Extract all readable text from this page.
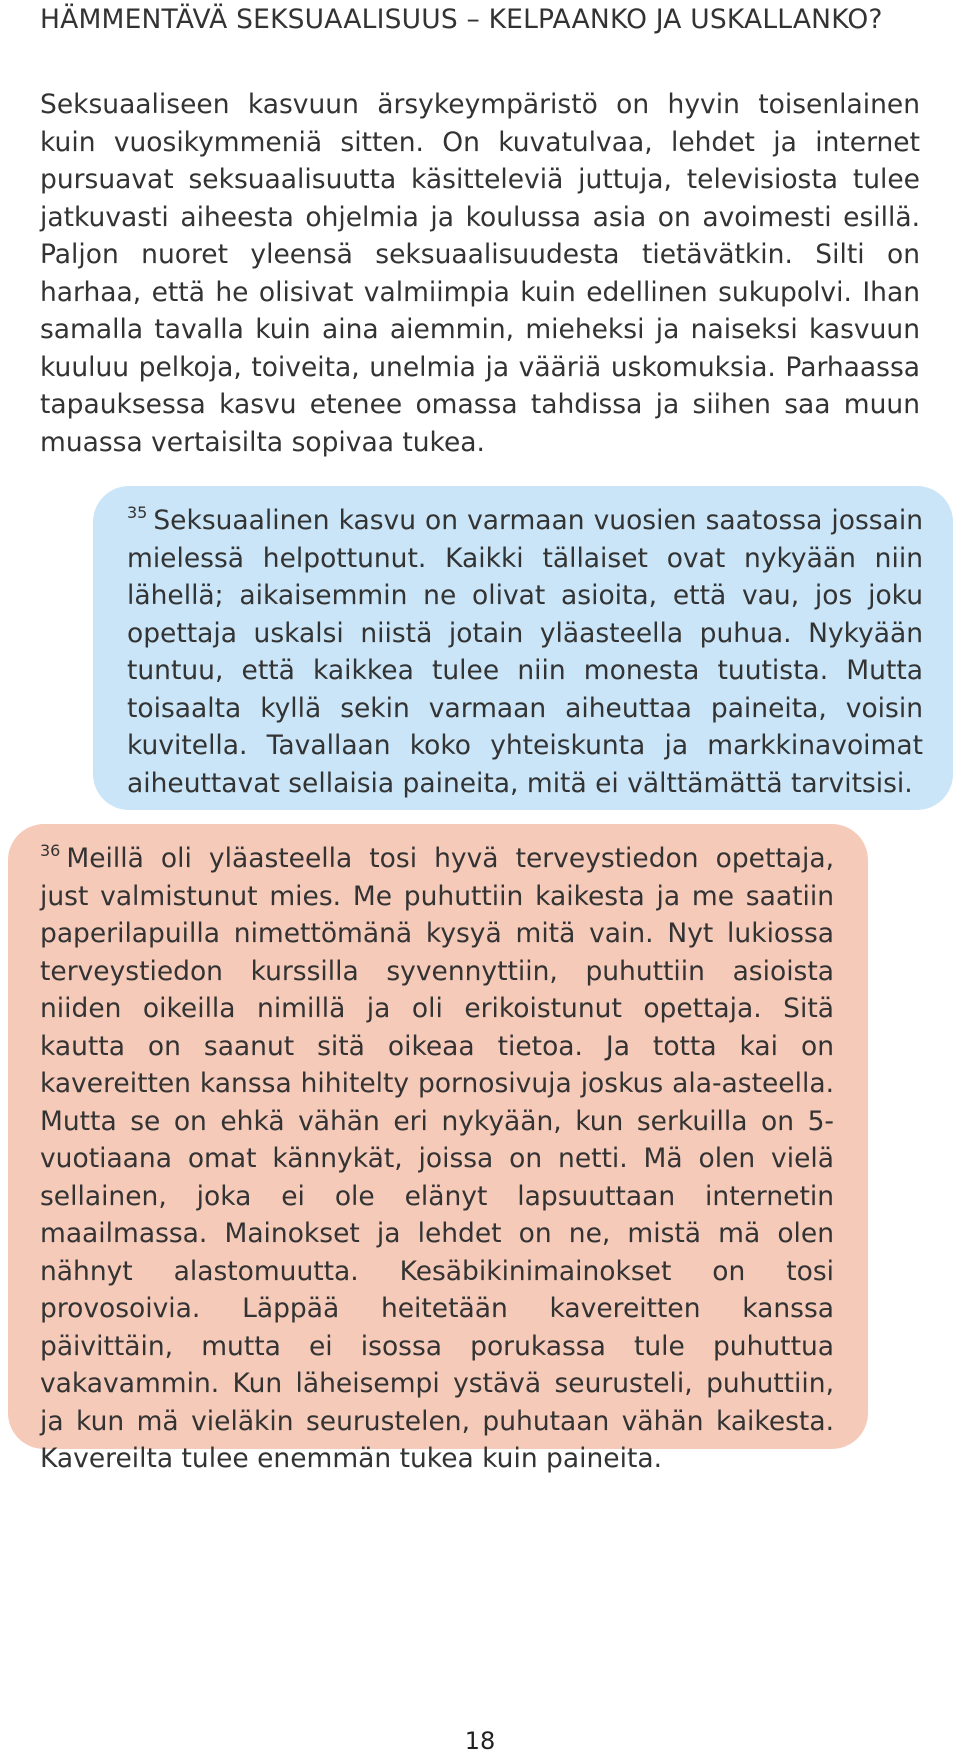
HÄMMENTÄVÄ SEKSUAALISUUS – KELPAANKO JA USKALLANKO?

Seksuaaliseen kasvuun ärsykeympäristö on hyvin toisenlainen kuin vuosikymmeniä sitten. On kuvatulvaa, lehdet ja internet pursuavat seksuaalisuutta käsitteleviä juttuja, televisiosta tulee jatkuvasti aiheesta ohjelmia ja koulussa asia on avoimesti esillä. Paljon nuoret yleensä seksuaalisuudesta tietävätkin. Silti on harhaa, että he olisivat valmiimpia kuin edellinen sukupolvi. Ihan samalla tavalla kuin aina aiemmin, mieheksi ja naiseksi kasvuun kuuluu pelkoja, toiveita, unelmia ja vääriä uskomuksia. Parhaassa tapauksessa kasvu etenee omassa tahdissa ja siihen saa muun muassa vertaisilta sopivaa tukea.

$^{35}$ Seksuaalinen kasvu on varmaan vuosien saatossa jossain mielessä helpottunut. Kaikki tällaiset ovat nykyään niin lähellä; aikaisemmin ne olivat asioita, että vau, jos joku opettaja uskalsi niistä jotain yläasteella puhua. Nykyään tuntuu, että kaikkea tulee niin monesta tuutista. Mutta toisaalta kyllä sekin varmaan aiheuttaa paineita, voisin kuvitella. Tavallaan koko yhteiskunta ja markkinavoimat aiheuttavat sellaisia paineita, mitä ei välttämättä tarvitsisi.
$^{36}$ Meillä oli yläasteella tosi hyvä terveystiedon opettaja, just valmistunut mies. Me puhuttiin kaikesta ja me saatiin paperilapuilla nimettömänä kysyä mitä vain. Nyt lukiossa terveystiedon kurssilla syvennyttiin, puhuttiin asioista niiden oikeilla nimillä ja oli erikoistunut opettaja. Sitä kautta on saanut sitä oikeaa tietoa. Ja totta kai on kavereitten kanssa hihitelty pornosivuja joskus ala-asteella. Mutta se on ehkä vähän eri nykyään, kun serkuilla on 5-vuotiaana omat kännykät, joissa on netti. Mä olen vielä sellainen, joka ei ole elänyt lapsuuttaan internetin maailmassa. Mainokset ja lehdet on ne, mistä mä olen nähnyt alastomuutta. Kesäbikinimainokset on tosi provosoivia. Läppää heitetään kavereitten kanssa päivittäin, mutta ei isossa porukassa tule puhuttua vakavammin. Kun läheisempi ystävä seurusteli, puhuttiin, ja kun mä vieläkin seurustelen, puhutaan vähän kaikesta. Kavereilta tulee enemmän tukea kuin paineita.
18
